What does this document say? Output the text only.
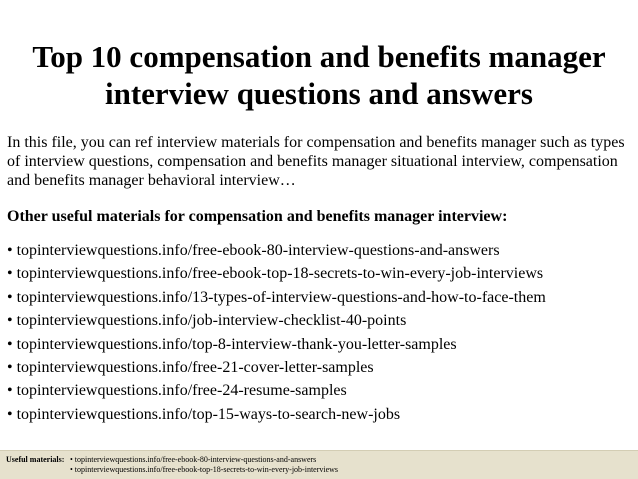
Top 10 compensation and benefits manager interview questions and answers

In this file, you can ref interview materials for compensation and benefits manager such as types of interview questions, compensation and benefits manager situational interview, compensation and benefits manager behavioral interview…

Other useful materials for compensation and benefits manager interview:

• topinterviewquestions.info/free-ebook-80-interview-questions-and-answers
• topinterviewquestions.info/free-ebook-top-18-secrets-to-win-every-job-interviews
• topinterviewquestions.info/13-types-of-interview-questions-and-how-to-face-them
• topinterviewquestions.info/job-interview-checklist-40-points
• topinterviewquestions.info/top-8-interview-thank-you-letter-samples
• topinterviewquestions.info/free-21-cover-letter-samples
• topinterviewquestions.info/free-24-resume-samples
• topinterviewquestions.info/top-15-ways-to-search-new-jobs
Useful materials: • topinterviewquestions.info/free-ebook-80-interview-questions-and-answers
• topinterviewquestions.info/free-ebook-top-18-secrets-to-win-every-job-interviews
